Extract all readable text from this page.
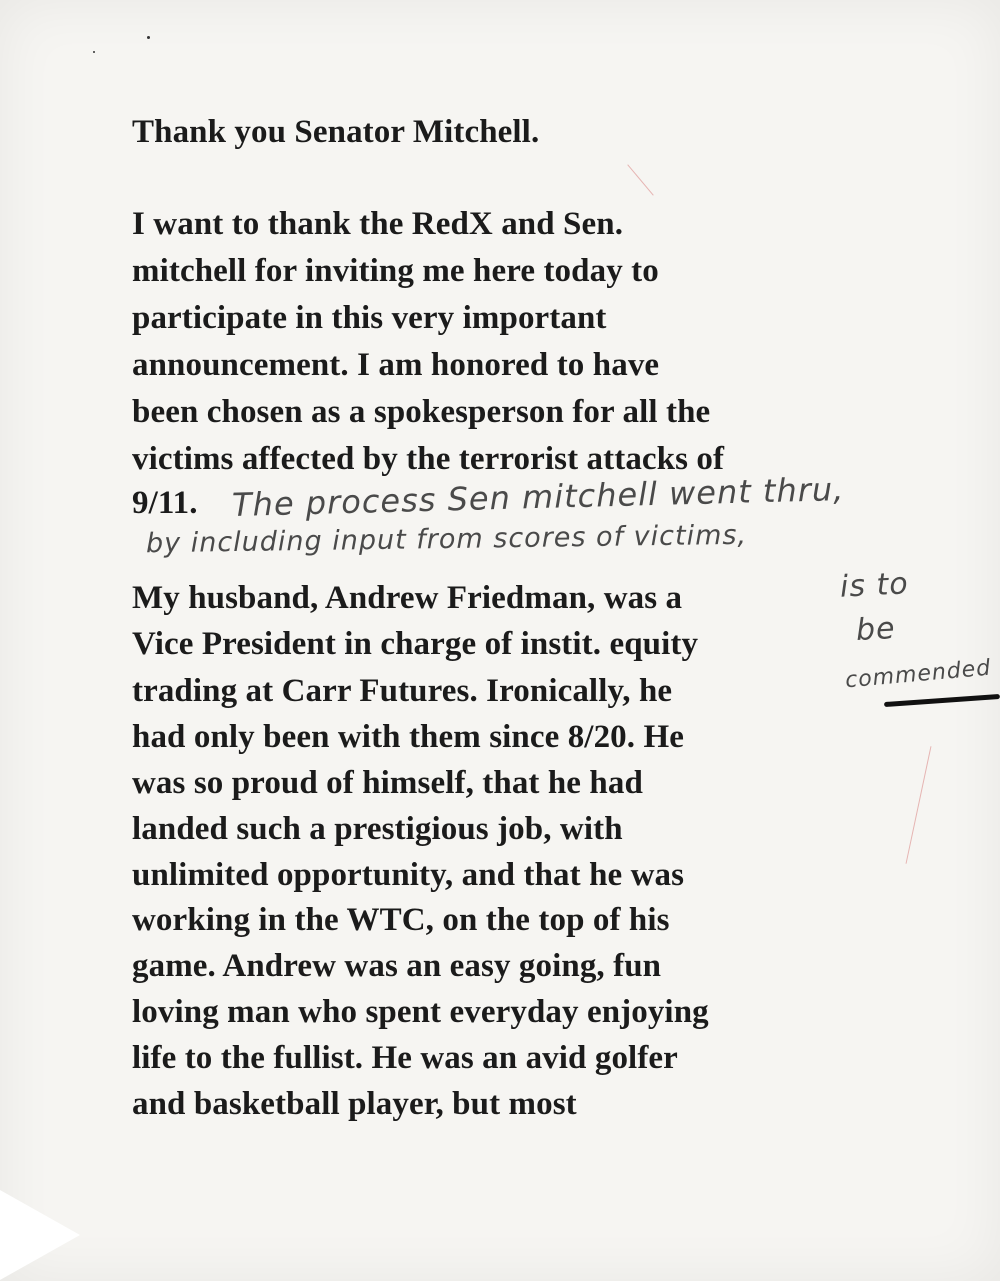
Thank you Senator Mitchell.

I want to thank the RedX and Sen.

mitchell for inviting me here today to

participate in this very important

announcement. I am honored to have

been chosen as a spokesperson for all the

victims affected by the terrorist attacks of

9/11. The process Sen mitchell went thru,
by including input from scores of victims,

My husband, Andrew Friedman, was a

Vice President in charge of instit. equity

trading at Carr Futures. Ironically, he

had only been with them since 8/20. He

was so proud of himself, that he had

landed such a prestigious job, with

unlimited opportunity, and that he was

working in the WTC, on the top of his

game. Andrew was an easy going, fun

loving man who spent everyday enjoying

life to the fullist. He was an avid golfer

and basketball player, but most

is to
be
commended
